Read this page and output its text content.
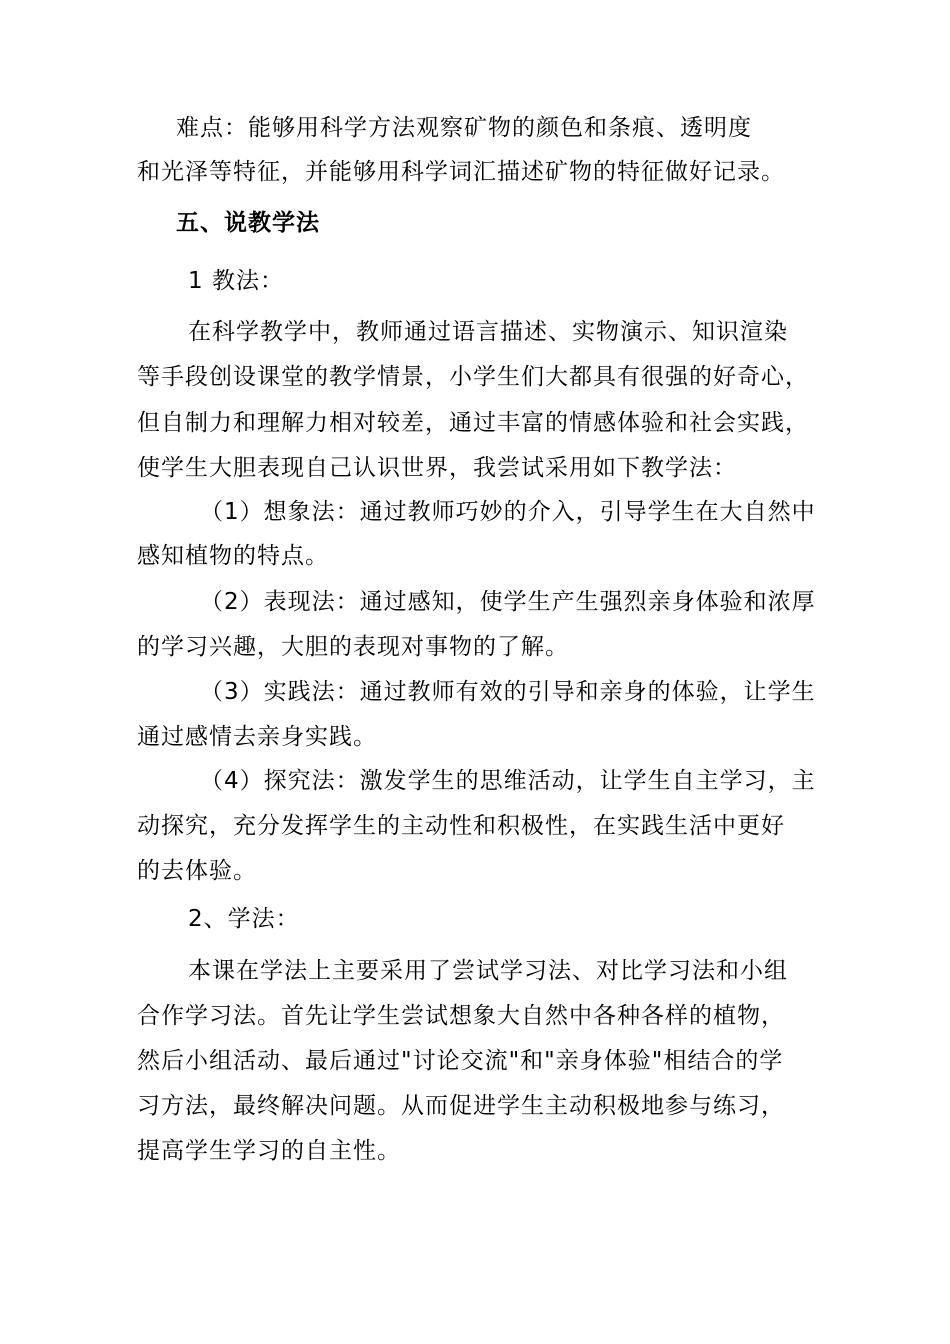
难点：能够用科学方法观察矿物的颜色和条痕、透明度
和光泽等特征，并能够用科学词汇描述矿物的特征做好记录。
五、说教学法
1 教法：
在科学教学中，教师通过语言描述、实物演示、知识渲染
等手段创设课堂的教学情景，小学生们大都具有很强的好奇心，
但自制力和理解力相对较差，通过丰富的情感体验和社会实践，
使学生大胆表现自己认识世界，我尝试采用如下教学法：
（1）想象法：通过教师巧妙的介入，引导学生在大自然中
感知植物的特点。
（2）表现法：通过感知，使学生产生强烈亲身体验和浓厚
的学习兴趣，大胆的表现对事物的了解。
（3）实践法：通过教师有效的引导和亲身的体验，让学生
通过感情去亲身实践。
（4）探究法：激发学生的思维活动，让学生自主学习，主
动探究，充分发挥学生的主动性和积极性，在实践生活中更好
的去体验。
2、学法：
本课在学法上主要采用了尝试学习法、对比学习法和小组
合作学习法。首先让学生尝试想象大自然中各种各样的植物，
然后小组活动、最后通过"讨论交流"和"亲身体验"相结合的学
习方法，最终解决问题。从而促进学生主动积极地参与练习，
提高学生学习的自主性。
